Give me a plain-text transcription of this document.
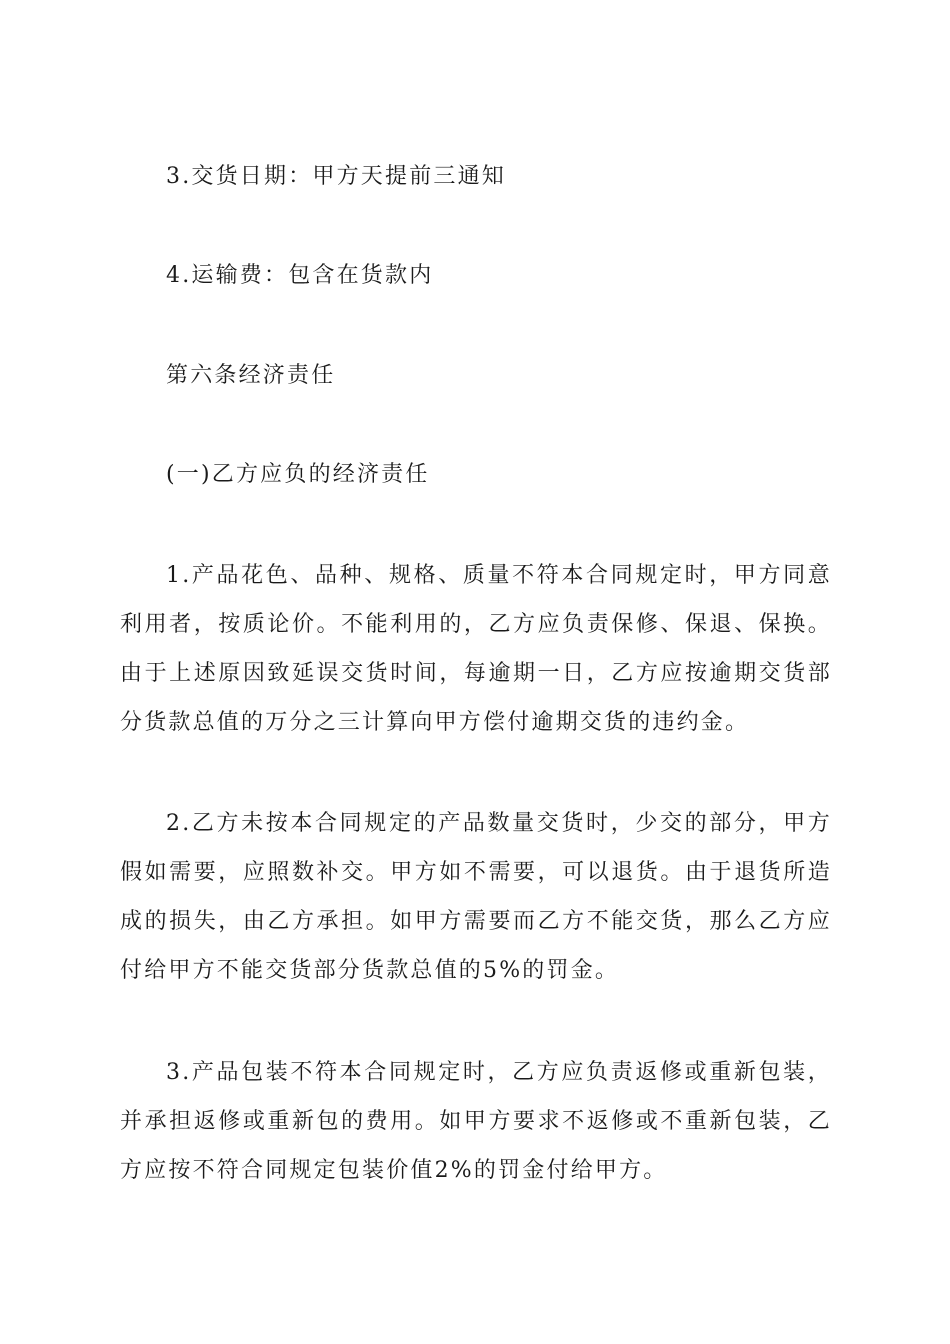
3.交货日期：甲方天提前三通知

4.运输费：包含在货款内

第六条经济责任

(一)乙方应负的经济责任

1.产品花色、品种、规格、质量不符本合同规定时，甲方同意利用者，按质论价。不能利用的，乙方应负责保修、保退、保换。由于上述原因致延误交货时间，每逾期一日，乙方应按逾期交货部分货款总值的万分之三计算向甲方偿付逾期交货的违约金。

2.乙方未按本合同规定的产品数量交货时，少交的部分，甲方假如需要，应照数补交。甲方如不需要，可以退货。由于退货所造成的损失，由乙方承担。如甲方需要而乙方不能交货，那么乙方应付给甲方不能交货部分货款总值的5%的罚金。

3.产品包装不符本合同规定时，乙方应负责返修或重新包装，并承担返修或重新包的费用。如甲方要求不返修或不重新包装，乙方应按不符合同规定包装价值2%的罚金付给甲方。
